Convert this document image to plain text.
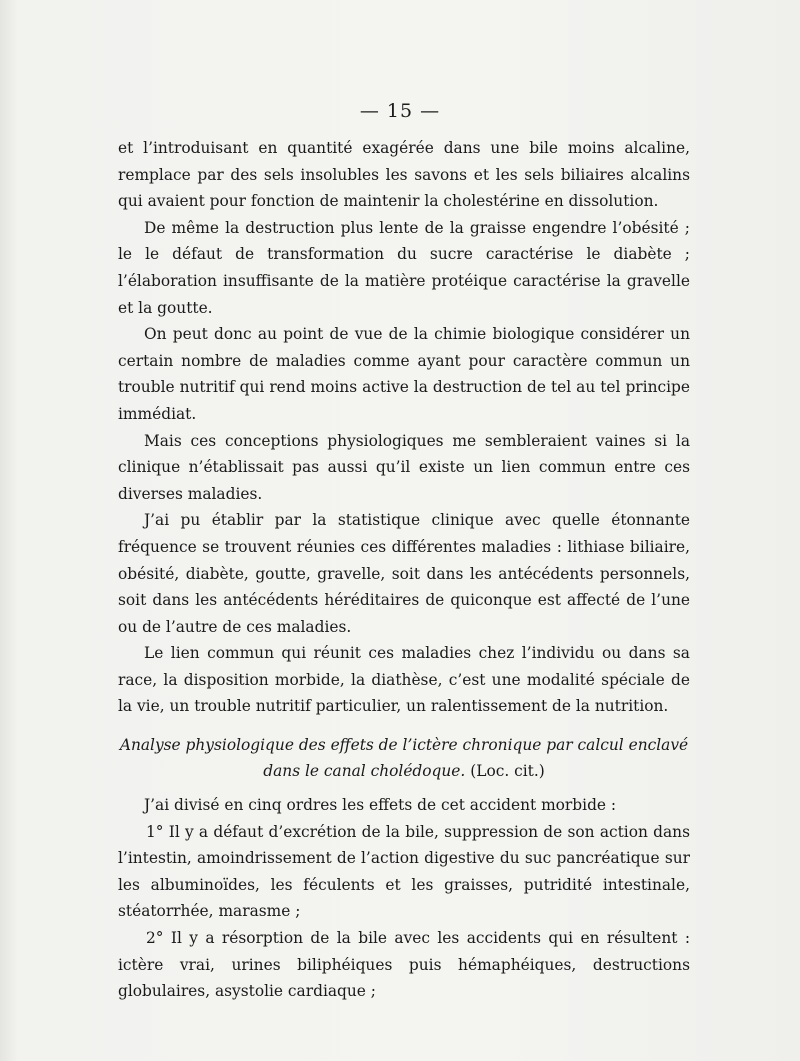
— 15 —

et l’introduisant en quantité exagérée dans une bile moins alcaline, remplace par des sels insolubles les savons et les sels biliaires alcalins qui avaient pour fonction de maintenir la cholestérine en dissolution.

De même la destruction plus lente de la graisse engendre l’obésité ; le le défaut de transformation du sucre caractérise le diabète ; l’élaboration insuffisante de la matière protéique caractérise la gravelle et la goutte.

On peut donc au point de vue de la chimie biologique considérer un certain nombre de maladies comme ayant pour caractère commun un trouble nutritif qui rend moins active la destruction de tel au tel principe immédiat.

Mais ces conceptions physiologiques me sembleraient vaines si la clinique n’établissait pas aussi qu’il existe un lien commun entre ces diverses maladies.

J’ai pu établir par la statistique clinique avec quelle étonnante fréquence se trouvent réunies ces différentes maladies : lithiase biliaire, obésité, diabète, goutte, gravelle, soit dans les antécédents personnels, soit dans les antécédents héréditaires de quiconque est affecté de l’une ou de l’autre de ces maladies.

Le lien commun qui réunit ces maladies chez l’individu ou dans sa race, la disposition morbide, la diathèse, c’est une modalité spéciale de la vie, un trouble nutritif particulier, un ralentissement de la nutrition.

Analyse physiologique des effets de l’ictère chronique par calcul enclavé
dans le canal cholédoque. (Loc. cit.)

J’ai divisé en cinq ordres les effets de cet accident morbide :

1° Il y a défaut d’excrétion de la bile, suppression de son action dans l’intestin, amoindrissement de l’action digestive du suc pancréatique sur les albuminoïdes, les féculents et les graisses, putridité intestinale, stéatorrhée, marasme ;

2° Il y a résorption de la bile avec les accidents qui en résultent : ictère vrai, urines biliphéiques puis hémaphéiques, destructions globulaires, asystolie cardiaque ;
